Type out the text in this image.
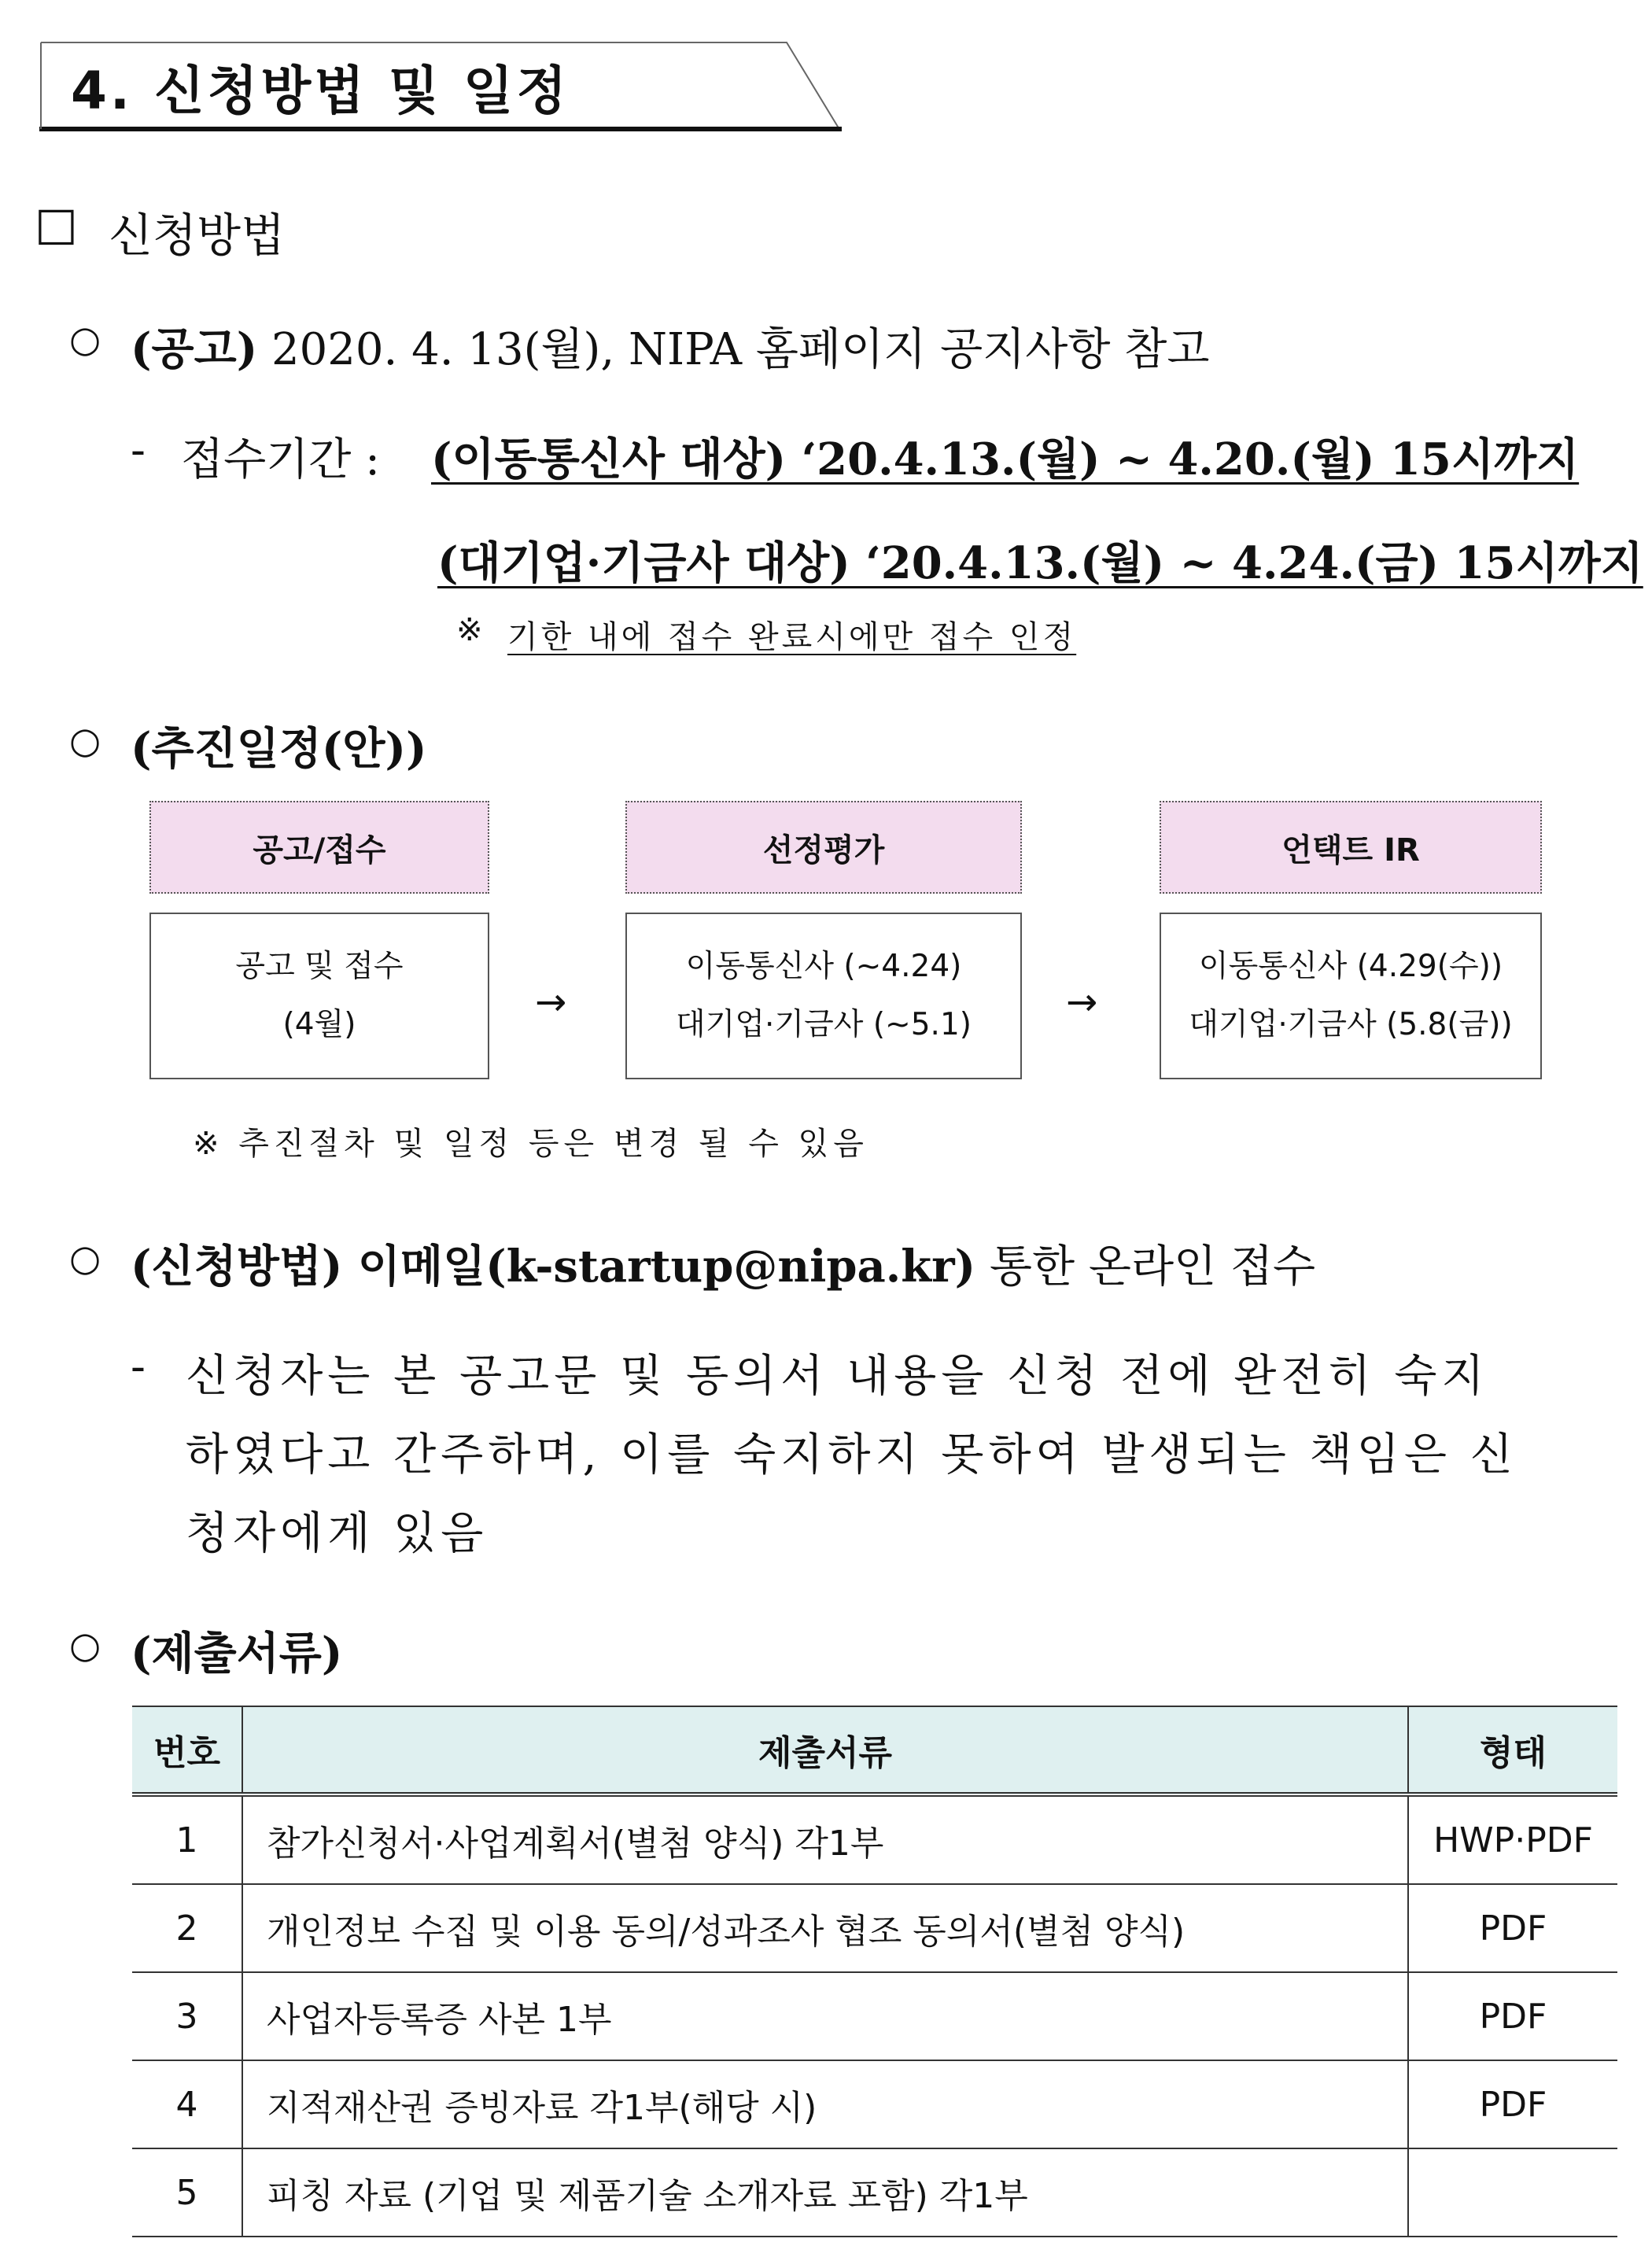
4. 신청방법 및 일정
□ 신청방법
○ (공고) 2020. 4. 13(월), NIPA 홈페이지 공지사항 참고
- 접수기간 : (이동통신사 대상) ‘20.4.13.(월) ~ 4.20.(월) 15시까지
(대기업·기금사 대상) ‘20.4.13.(월) ~ 4.24.(금) 15시까지
※ 기한 내에 접수 완료시에만 접수 인정
○ (추진일정(안))
공고/접수	선정평가	언택트 IR
공고 및 접수
(4월)
이동통신사 (~4.24)
대기업·기금사 (~5.1)
이동통신사 (4.29(수))
대기업·기금사 (5.8(금))
→	→
※ 추진절차 및 일정 등은 변경 될 수 있음
○ (신청방법) 이메일(k-startup@nipa.kr) 통한 온라인 접수
- 신청자는 본 공고문 및 동의서 내용을 신청 전에 완전히 숙지
하였다고 간주하며, 이를 숙지하지 못하여 발생되는 책임은 신
청자에게 있음
○ (제출서류)
번호	제출서류	형태
1	참가신청서·사업계획서(별첨 양식) 각1부	HWP·PDF
2	개인정보 수집 및 이용 동의/성과조사 협조 동의서(별첨 양식)	PDF
3	사업자등록증 사본 1부	PDF
4	지적재산권 증빙자료 각1부(해당 시)	PDF
5	피칭 자료 (기업 및 제품기술 소개자료 포함) 각1부	
